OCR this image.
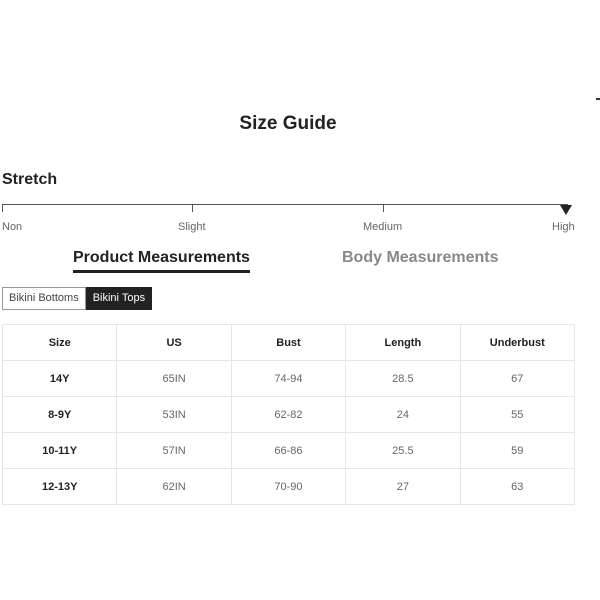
Size Guide
Stretch
Non	Slight	Medium	High
Product Measurements	Body Measurements
Bikini Bottoms	Bikini Tops
Size	US	Bust	Length	Underbust
14Y	65IN	74-94	28.5	67
8-9Y	53IN	62-82	24	55
10-11Y	57IN	66-86	25.5	59
12-13Y	62IN	70-90	27	63
